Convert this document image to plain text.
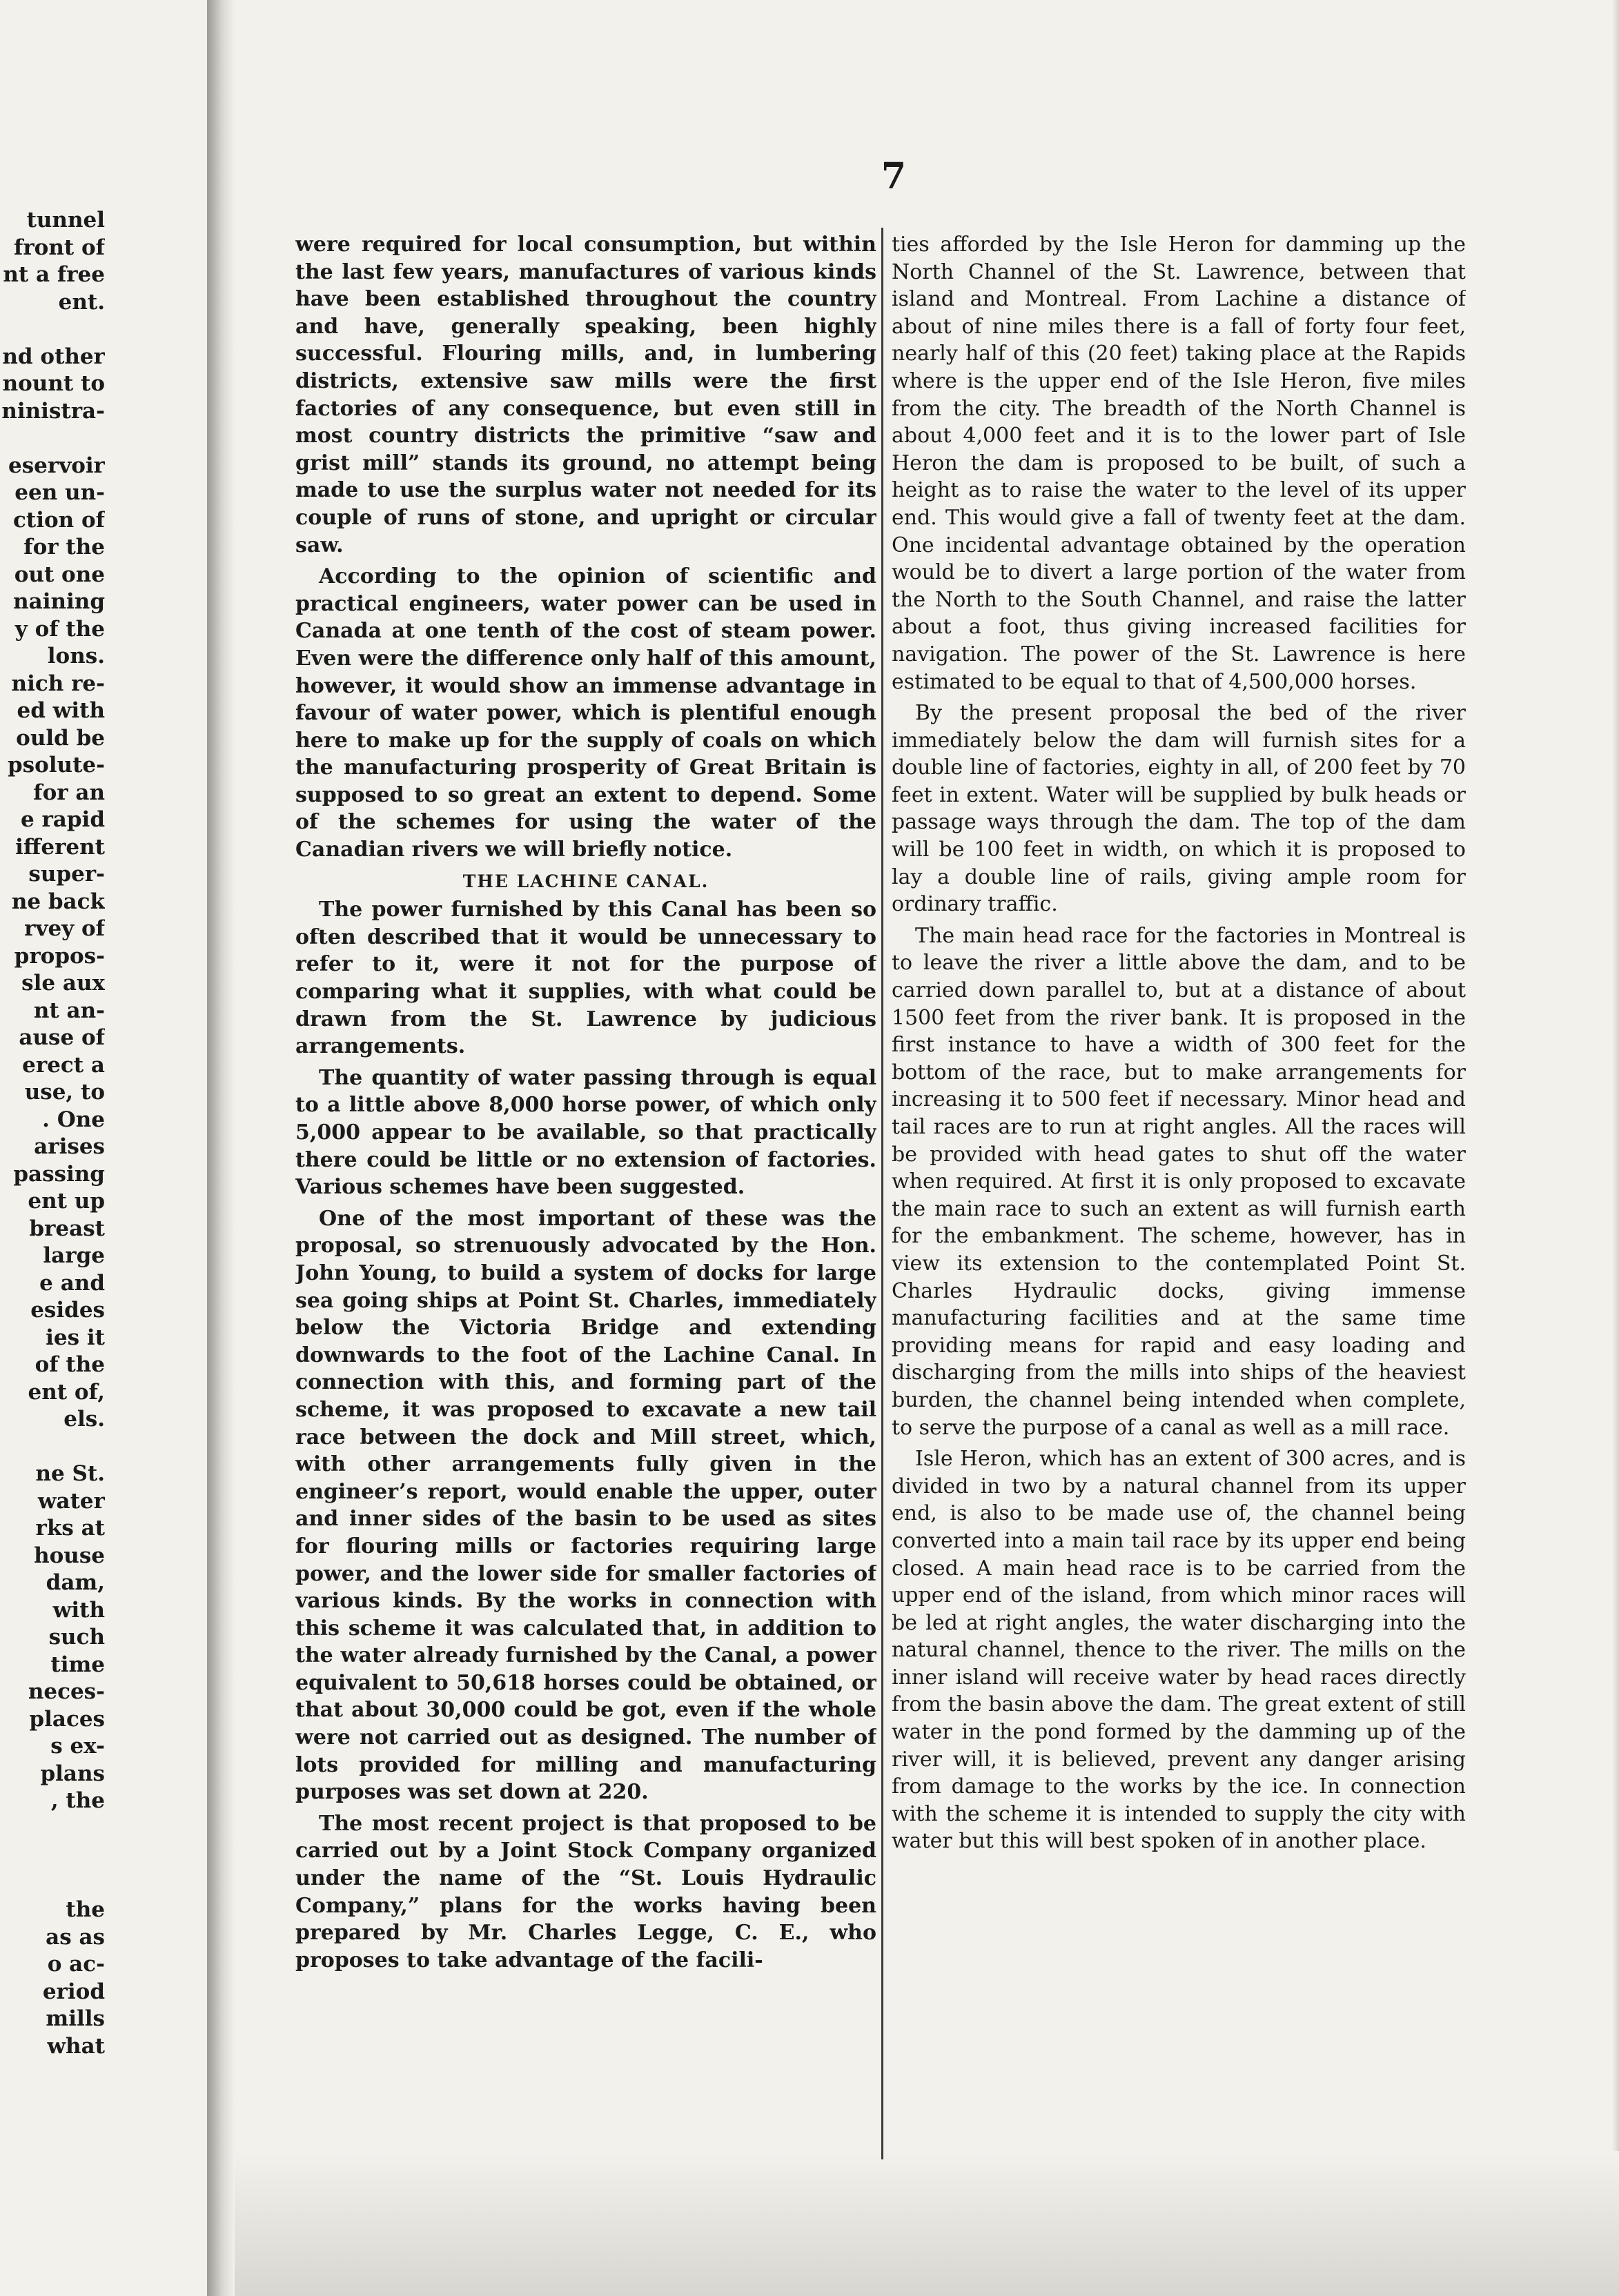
tunnel
front of
nt a free
ent.
nd other
nount to
ninistra-
eservoir
een un-
ction of
for the
out one
naining
y of the
lons.
nich re-
ed with
ould be
psolute-
for an
e rapid
ifferent
super-
ne back
rvey of
propos-
sle aux
nt an-
ause of
erect a
use, to
. One
arises
passing
ent up
breast
large
e and
esides
ies it
of the
ent of,
els.
ne St.
water
rks at
house
dam,
with
such
time
neces-
places
s ex-
plans
, the
the
as as
o ac-
eriod
mills
what
7

were required for local consumption, but within the last few years, manufactures of various kinds have been established throughout the country and have, generally speaking, been highly successful. Flouring mills, and, in lumbering districts, extensive saw mills were the first factories of any consequence, but even still in most country districts the primitive “saw and grist mill” stands its ground, no attempt being made to use the surplus water not needed for its couple of runs of stone, and upright or circular saw.

According to the opinion of scientific and practical engineers, water power can be used in Canada at one tenth of the cost of steam power. Even were the difference only half of this amount, however, it would show an immense advantage in favour of water power, which is plentiful enough here to make up for the supply of coals on which the manufacturing prosperity of Great Britain is supposed to so great an extent to depend. Some of the schemes for using the water of the Canadian rivers we will briefly notice.

THE LACHINE CANAL.

The power furnished by this Canal has been so often described that it would be unnecessary to refer to it, were it not for the purpose of comparing what it supplies, with what could be drawn from the St. Lawrence by judicious arrangements.

The quantity of water passing through is equal to a little above 8,000 horse power, of which only 5,000 appear to be available, so that practically there could be little or no extension of factories. Various schemes have been suggested.

One of the most important of these was the proposal, so strenuously advocated by the Hon. John Young, to build a system of docks for large sea going ships at Point St. Charles, immediately below the Victoria Bridge and extending downwards to the foot of the Lachine Canal. In connection with this, and forming part of the scheme, it was proposed to excavate a new tail race between the dock and Mill street, which, with other arrangements fully given in the engineer’s report, would enable the upper, outer and inner sides of the basin to be used as sites for flouring mills or factories requiring large power, and the lower side for smaller factories of various kinds. By the works in connection with this scheme it was calculated that, in addition to the water already furnished by the Canal, a power equivalent to 50,618 horses could be obtained, or that about 30,000 could be got, even if the whole were not carried out as designed. The number of lots provided for milling and manufacturing purposes was set down at 220.

The most recent project is that proposed to be carried out by a Joint Stock Company organized under the name of the “St. Louis Hydraulic Company,” plans for the works having been prepared by Mr. Charles Legge, C. E., who proposes to take advantage of the facili-

ties afforded by the Isle Heron for damming up the North Channel of the St. Lawrence, between that island and Montreal. From Lachine a distance of about of nine miles there is a fall of forty four feet, nearly half of this (20 feet) taking place at the Rapids where is the upper end of the Isle Heron, five miles from the city. The breadth of the North Channel is about 4,000 feet and it is to the lower part of Isle Heron the dam is proposed to be built, of such a height as to raise the water to the level of its upper end. This would give a fall of twenty feet at the dam. One incidental advantage obtained by the operation would be to divert a large portion of the water from the North to the South Channel, and raise the latter about a foot, thus giving increased facilities for navigation. The power of the St. Lawrence is here estimated to be equal to that of 4,500,000 horses.

By the present proposal the bed of the river immediately below the dam will furnish sites for a double line of factories, eighty in all, of 200 feet by 70 feet in extent. Water will be supplied by bulk heads or passage ways through the dam. The top of the dam will be 100 feet in width, on which it is proposed to lay a double line of rails, giving ample room for ordinary traffic.

The main head race for the factories in Montreal is to leave the river a little above the dam, and to be carried down parallel to, but at a distance of about 1500 feet from the river bank. It is proposed in the first instance to have a width of 300 feet for the bottom of the race, but to make arrangements for increasing it to 500 feet if necessary. Minor head and tail races are to run at right angles. All the races will be provided with head gates to shut off the water when required. At first it is only proposed to excavate the main race to such an extent as will furnish earth for the embankment. The scheme, however, has in view its extension to the contemplated Point St. Charles Hydraulic docks, giving immense manufacturing facilities and at the same time providing means for rapid and easy loading and discharging from the mills into ships of the heaviest burden, the channel being intended when complete, to serve the purpose of a canal as well as a mill race.

Isle Heron, which has an extent of 300 acres, and is divided in two by a natural channel from its upper end, is also to be made use of, the channel being converted into a main tail race by its upper end being closed. A main head race is to be carried from the upper end of the island, from which minor races will be led at right angles, the water discharging into the natural channel, thence to the river. The mills on the inner island will receive water by head races directly from the basin above the dam. The great extent of still water in the pond formed by the damming up of the river will, it is believed, prevent any danger arising from damage to the works by the ice. In connection with the scheme it is intended to supply the city with water but this will best spoken of in another place.
